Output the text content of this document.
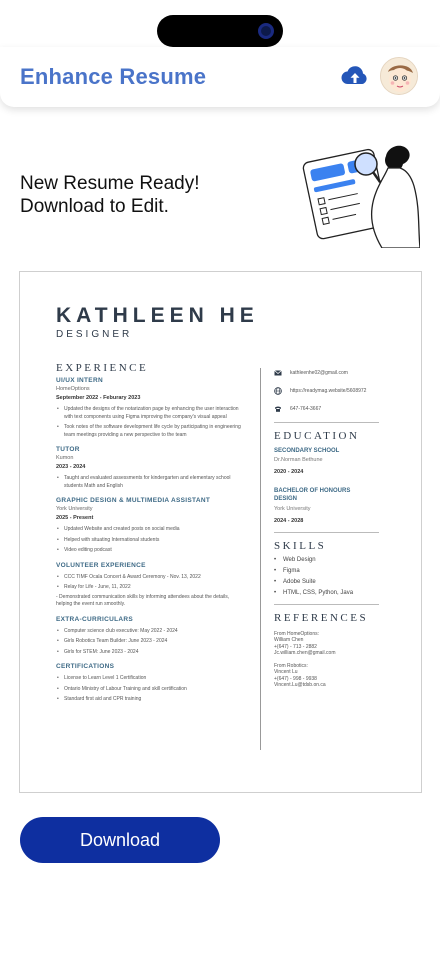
Enhance Resume
New Resume Ready!
Download to Edit.
KATHLEEN HE
DESIGNER
EXPERIENCE
UI/UX INTERN
HomeOptions
September 2022 - Feburary 2023
• Updated the designs of the notarization page by enhancing the user interaction with text components using Figma improving the company's visual appeal
• Took notes of the software development life cycle by participating in engineering team meetings providing a new perspective to the team
TUTOR
Kumon
2023 - 2024
• Taught and evaluated assessments for kindergarten and elementary school students Math and English
GRAPHIC DESIGN & MULTIMEDIA ASSISTANT
York University
2025 - Present
• Updated Website and created posts on social media
• Helped with situating International students
• Video editing podcast
VOLUNTEER EXPERIENCE
• CCC TIMF Ocala Concert & Award Ceremony - Nov. 13, 2022
• Relay for Life - June, 11, 2022
- Demonstrated communication skills by informing attendees about the details, helping the event run smoothly.
EXTRA-CURRICULARS
• Computer science club executive: May 2022 - 2024
• Girls Robotics Team Builder: June 2023 - 2024
• Girls for STEM: June 2023 - 2024
CERTIFICATIONS
• License to Learn Level 1 Certification
• Ontario Ministry of Labour Training and skill certification
• Standard first aid and CPR training
kathleenhe02@gmail.com
https://readymag.website/5608972
647-764-3667
EDUCATION
SECONDARY SCHOOL
Dr.Norman Bethune
2020 - 2024
BACHELOR OF HONOURS DESIGN
York University
2024 - 2028
SKILLS
• Web Design
• Figma
• Adobe Suite
• HTML, CSS, Python, Java
REFERENCES
From HomeOptions:
William Chen
+(647) - 713 - 2882
Jc.william.chen@gmail.com
From Robotics:
Vincent Lu
+(647) - 998 - 9938
Vincent.Lu@tdsb.on.ca
Download
